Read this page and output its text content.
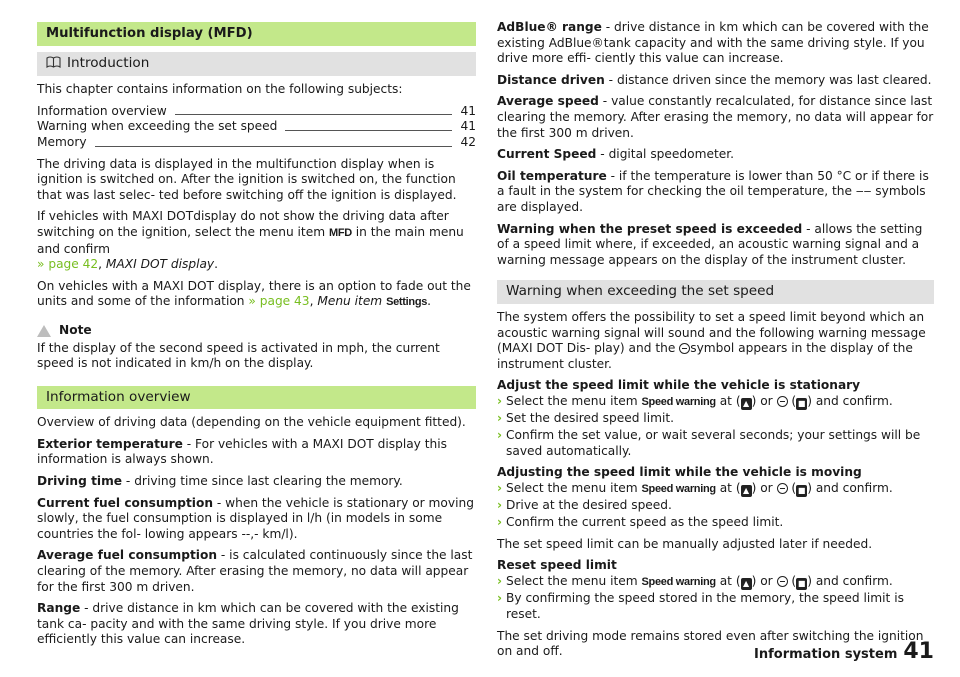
Multifunction display (MFD)
Introduction

This chapter contains information on the following subjects:

Information overview	41
Warning when exceeding the set speed	41
Memory	42

The driving data is displayed in the multifunction display when is ignition is switched on. After the ignition is switched on, the function that was last selec- ted before switching off the ignition is displayed.

If vehicles with MAXI DOTdisplay do not show the driving data after switching on the ignition, select the menu item MFD in the main menu and confirm
» page 42, MAXI DOT display.

On vehicles with a MAXI DOT display, there is an option to fade out the units and some of the information » page 43, Menu item Settings.

Note

If the display of the second speed is activated in mph, the current speed is not indicated in km/h on the display.

Information overview

Overview of driving data (depending on the vehicle equipment fitted).

Exterior temperature - For vehicles with a MAXI DOT display this information is always shown.

Driving time - driving time since last clearing the memory.

Current fuel consumption - when the vehicle is stationary or moving slowly, the fuel consumption is displayed in l/h (in models in some countries the fol- lowing appears --,- km/l).

Average fuel consumption - is calculated continuously since the last clearing of the memory. After erasing the memory, no data will appear for the first 300 m driven.

Range - drive distance in km which can be covered with the existing tank ca- pacity and with the same driving style. If you drive more efficiently this value can increase.

AdBlue® range - drive distance in km which can be covered with the existing AdBlue®tank capacity and with the same driving style. If you drive more effi- ciently this value can increase.

Distance driven - distance driven since the memory was last cleared.

Average speed - value constantly recalculated, for distance since last clearing the memory. After erasing the memory, no data will appear for the first 300 m driven.

Current Speed - digital speedometer.

Oil temperature - if the temperature is lower than 50 °C or if there is a fault in the system for checking the oil temperature, the ‒‒ symbols are displayed.

Warning when the preset speed is exceeded - allows the setting of a speed limit where, if exceeded, an acoustic warning signal and a warning message appears on the display of the instrument cluster.

Warning when exceeding the set speed

The system offers the possibility to set a speed limit beyond which an acoustic warning signal will sound and the following warning message (MAXI DOT Dis- play) and the symbol appears in the display of the instrument cluster.

Adjust the speed limit while the vehicle is stationary
› Select the menu item Speed warning at ( ▲ ) or  ( ■ ) and confirm.
› Set the desired speed limit.
› Confirm the set value, or wait several seconds; your settings will be saved automatically.
Adjusting the speed limit while the vehicle is moving
› Select the menu item Speed warning at ( ▲ ) or  ( ■ ) and confirm.
› Drive at the desired speed.
› Confirm the current speed as the speed limit.

The set speed limit can be manually adjusted later if needed.

Reset speed limit
› Select the menu item Speed warning at ( ▲ ) or  ( ■ ) and confirm.
› By confirming the speed stored in the memory, the speed limit is reset.

The set driving mode remains stored even after switching the ignition on and off.	Information system 41
